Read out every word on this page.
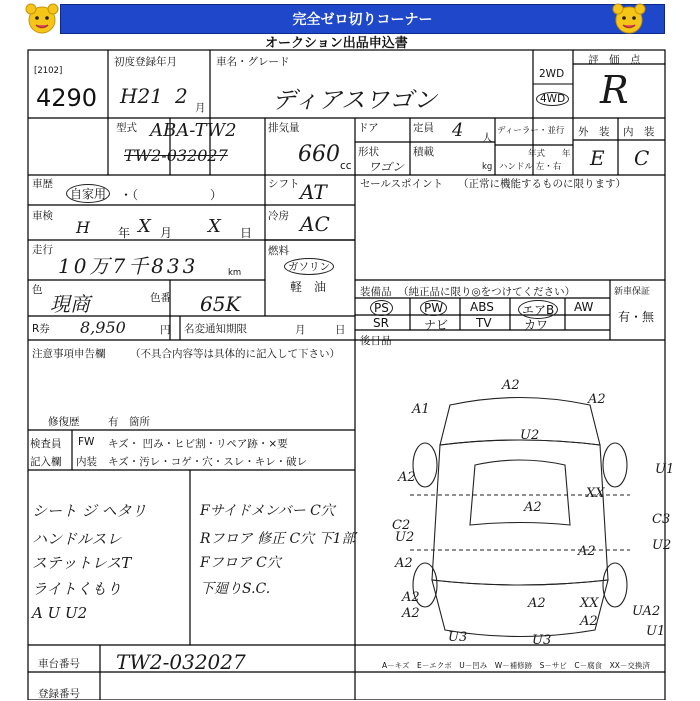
完全ゼロ切りコーナー
オークション出品申込書
[2102]
4290
初度登録年月
H21 2 月
車名・グレード
ディアスワゴン
2WD
4WD
評　価　点
R
外　装 内　装
E C
型式 ABA-TW2
TW2-032027
排気量
660 cc
ドア	定員 4 人
形状
ワゴン
積載
kg
ディーラー・並行
年式 年
ハンドル 左・右
車歴
自家用	・（　　　　　　）
シフト AT
冷房 AC
燃料
ガソリン
軽　油
車検
H 年 X 月 X 日
走行
10万7千833	km
色
現商	色番 65K
R券 8,950	円 名変通知期限	月	日
セールスポイント （正常に機能するものに限ります）
装備品 （純正品に限り◎をつけてください）	新車保証
有・無
PS	PW	ABS	エアB	AW
SR	ナビ TV	カワ
後日品
注意事項申告欄 （不具合内容等は具体的に記入して下さい）
修復歴	有　箇所
検査員
記入欄
FW キズ・ 凹み・ヒビ割・リペア跡・×要
内装 キズ・汚レ・コゲ・穴・スレ・キレ・破レ
シート ジ ヘタリ
ハンドルスレ
ステットレスT
ライトくもり
A U U2
Fサイドメンバー C穴
Rフロア 修正 C穴 下1部
Fフロア C穴
下廻りS.C.
A2
A1
A2
U2
A2
U1
A2
XX
C2
A2
C3
U2
A2
U2
A2	A2	XX
A2
U3
U3
A2
UA2
U1
A－キズ　E－エクボ　U－凹み　W－補修跡　S－サビ　C－腐食　XX－交換済
車台番号 TW2-032027
登録番号
